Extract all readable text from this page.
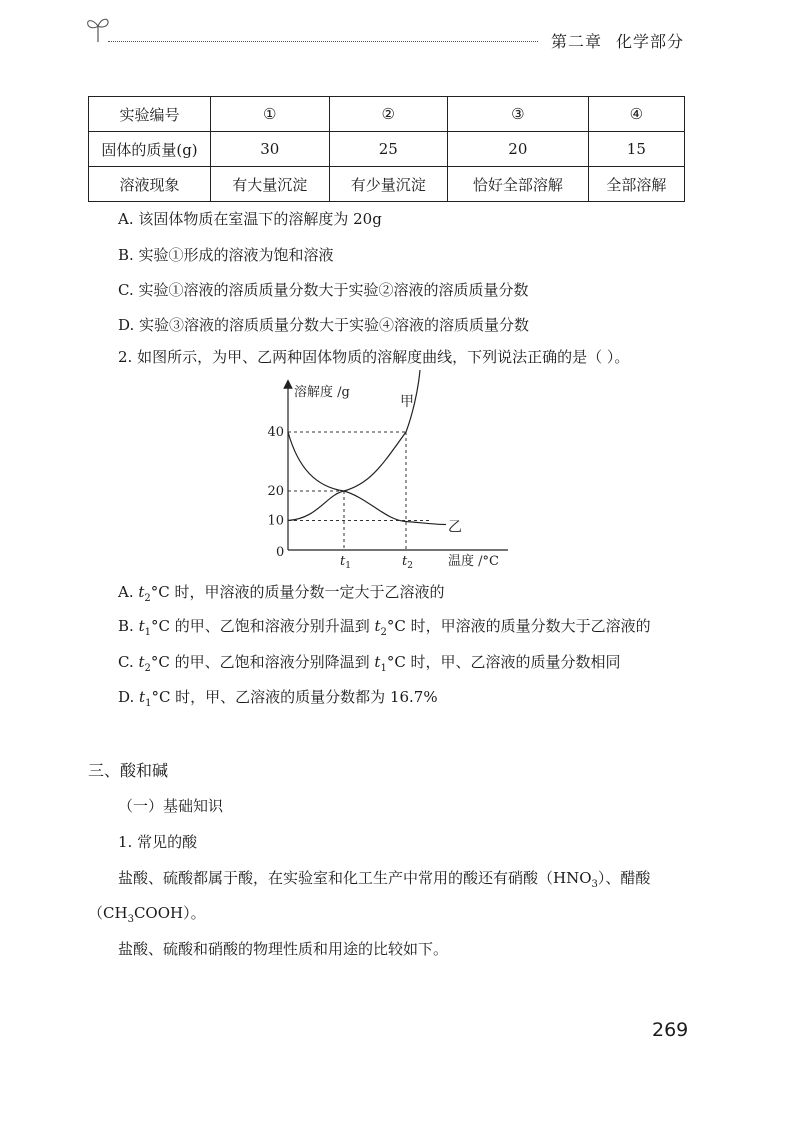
第二章 化学部分
实验编号	①	②	③	④
固体的质量(g)	30	25	20	15
溶液现象	有大量沉淀	有少量沉淀	恰好全部溶解	全部溶解
A. 该固体物质在室温下的溶解度为 20g
B. 实验①形成的溶液为饱和溶液
C. 实验①溶液的溶质质量分数大于实验②溶液的溶质质量分数
D. 实验③溶液的溶质质量分数大于实验④溶液的溶质质量分数
2. 如图所示，为甲、乙两种固体物质的溶解度曲线，下列说法正确的是（ ）。
溶解度 /g
温度 /°C
0
40
20
10
$t_1$	$t_2$
甲
乙
A. $t_2^\circ C$ 时，甲溶液的质量分数一定大于乙溶液的
B. $t_1^\circ C$ 的甲、乙饱和溶液分别升温到 $t_2^\circ C$ 时，甲溶液的质量分数大于乙溶液的
C. $t_2^\circ C$ 的甲、乙饱和溶液分别降温到 $t_1^\circ C$ 时，甲、乙溶液的质量分数相同
D. $t_1^\circ C$ 时，甲、乙溶液的质量分数都为 16.7%
三、酸和碱
（一）基础知识
1. 常见的酸
盐酸、硫酸都属于酸，在实验室和化工生产中常用的酸还有硝酸$(HNO_3)$、醋酸
$(CH_3COOH)$。
盐酸、硫酸和硝酸的物理性质和用途的比较如下。
269
